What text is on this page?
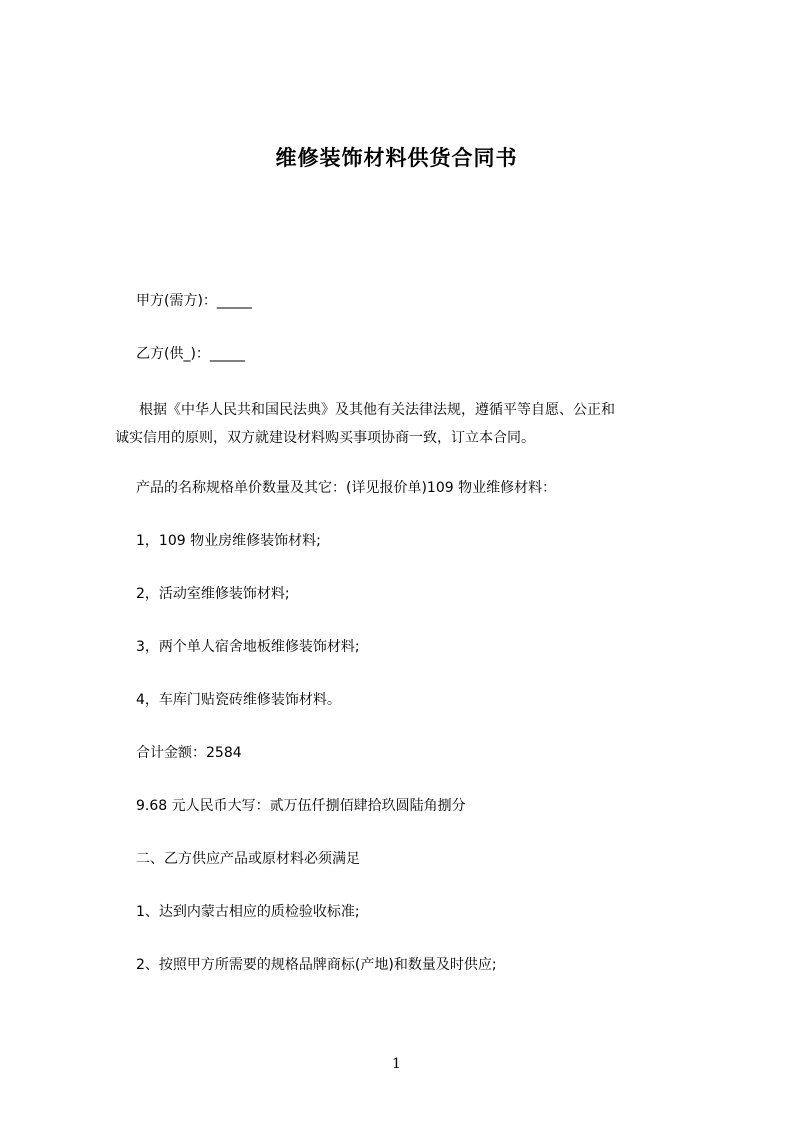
维修装饰材料供货合同书
甲方(需方)：_____
乙方(供_)：_____
根据《中华人民共和国民法典》及其他有关法律法规，遵循平等自愿、公正和诚实信用的原则，双方就建设材料购买事项协商一致，订立本合同。
产品的名称规格单价数量及其它：(详见报价单)109 物业维修材料：
1，109 物业房维修装饰材料;
2，活动室维修装饰材料;
3，两个单人宿舍地板维修装饰材料;
4，车库门贴瓷砖维修装饰材料。
合计金额：2584
9.68 元人民币大写：贰万伍仟捌佰肆拾玖圆陆角捌分
二、乙方供应产品或原材料必须满足
1、达到内蒙古相应的质检验收标准;
2、按照甲方所需要的规格品牌商标(产地)和数量及时供应;
1
